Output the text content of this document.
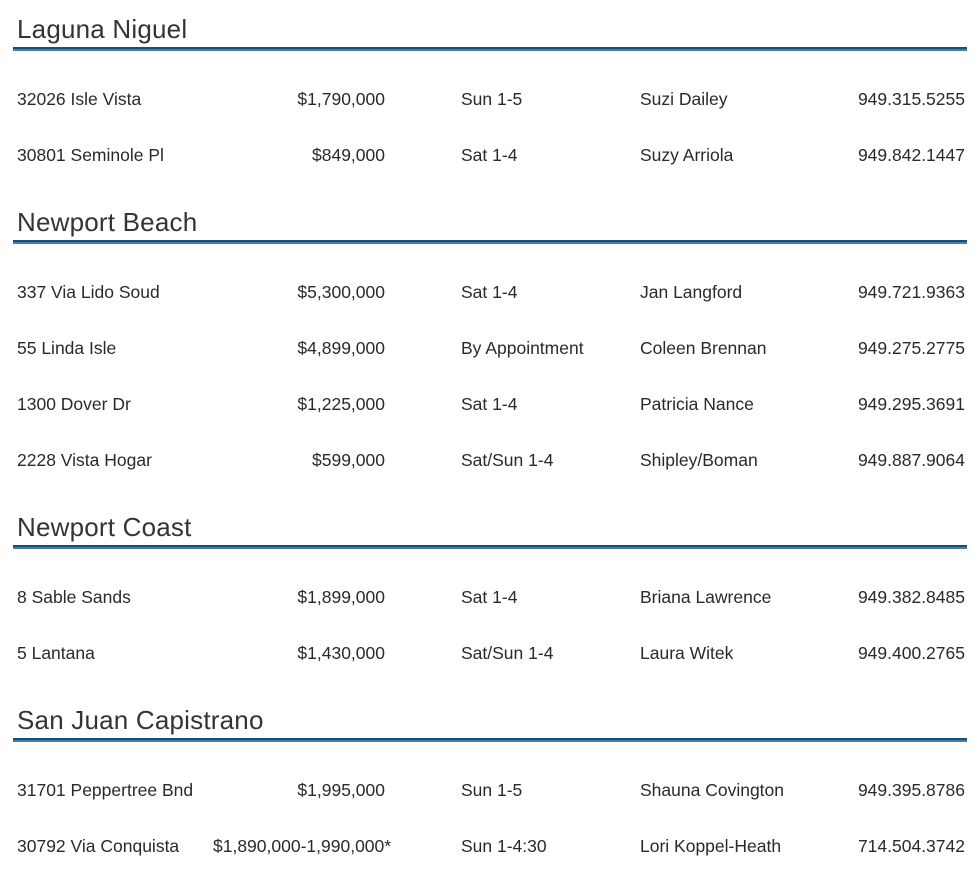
Laguna Niguel
32026 Isle Vista	$1,790,000	Sun 1-5	Suzi Dailey	949.315.5255
30801 Seminole Pl	$849,000	Sat 1-4	Suzy Arriola	949.842.1447
Newport Beach
337 Via Lido Soud	$5,300,000	Sat 1-4	Jan Langford	949.721.9363
55 Linda Isle	$4,899,000	By Appointment	Coleen Brennan	949.275.2775
1300 Dover Dr	$1,225,000	Sat 1-4	Patricia Nance	949.295.3691
2228 Vista Hogar	$599,000	Sat/Sun 1-4	Shipley/Boman	949.887.9064
Newport Coast
8 Sable Sands	$1,899,000	Sat 1-4	Briana Lawrence	949.382.8485
5 Lantana	$1,430,000	Sat/Sun 1-4	Laura Witek	949.400.2765
San Juan Capistrano
31701 Peppertree Bnd	$1,995,000	Sun 1-5	Shauna Covington	949.395.8786
30792 Via Conquista	$1,890,000-1,990,000*	Sun 1-4:30	Lori Koppel-Heath	714.504.3742
